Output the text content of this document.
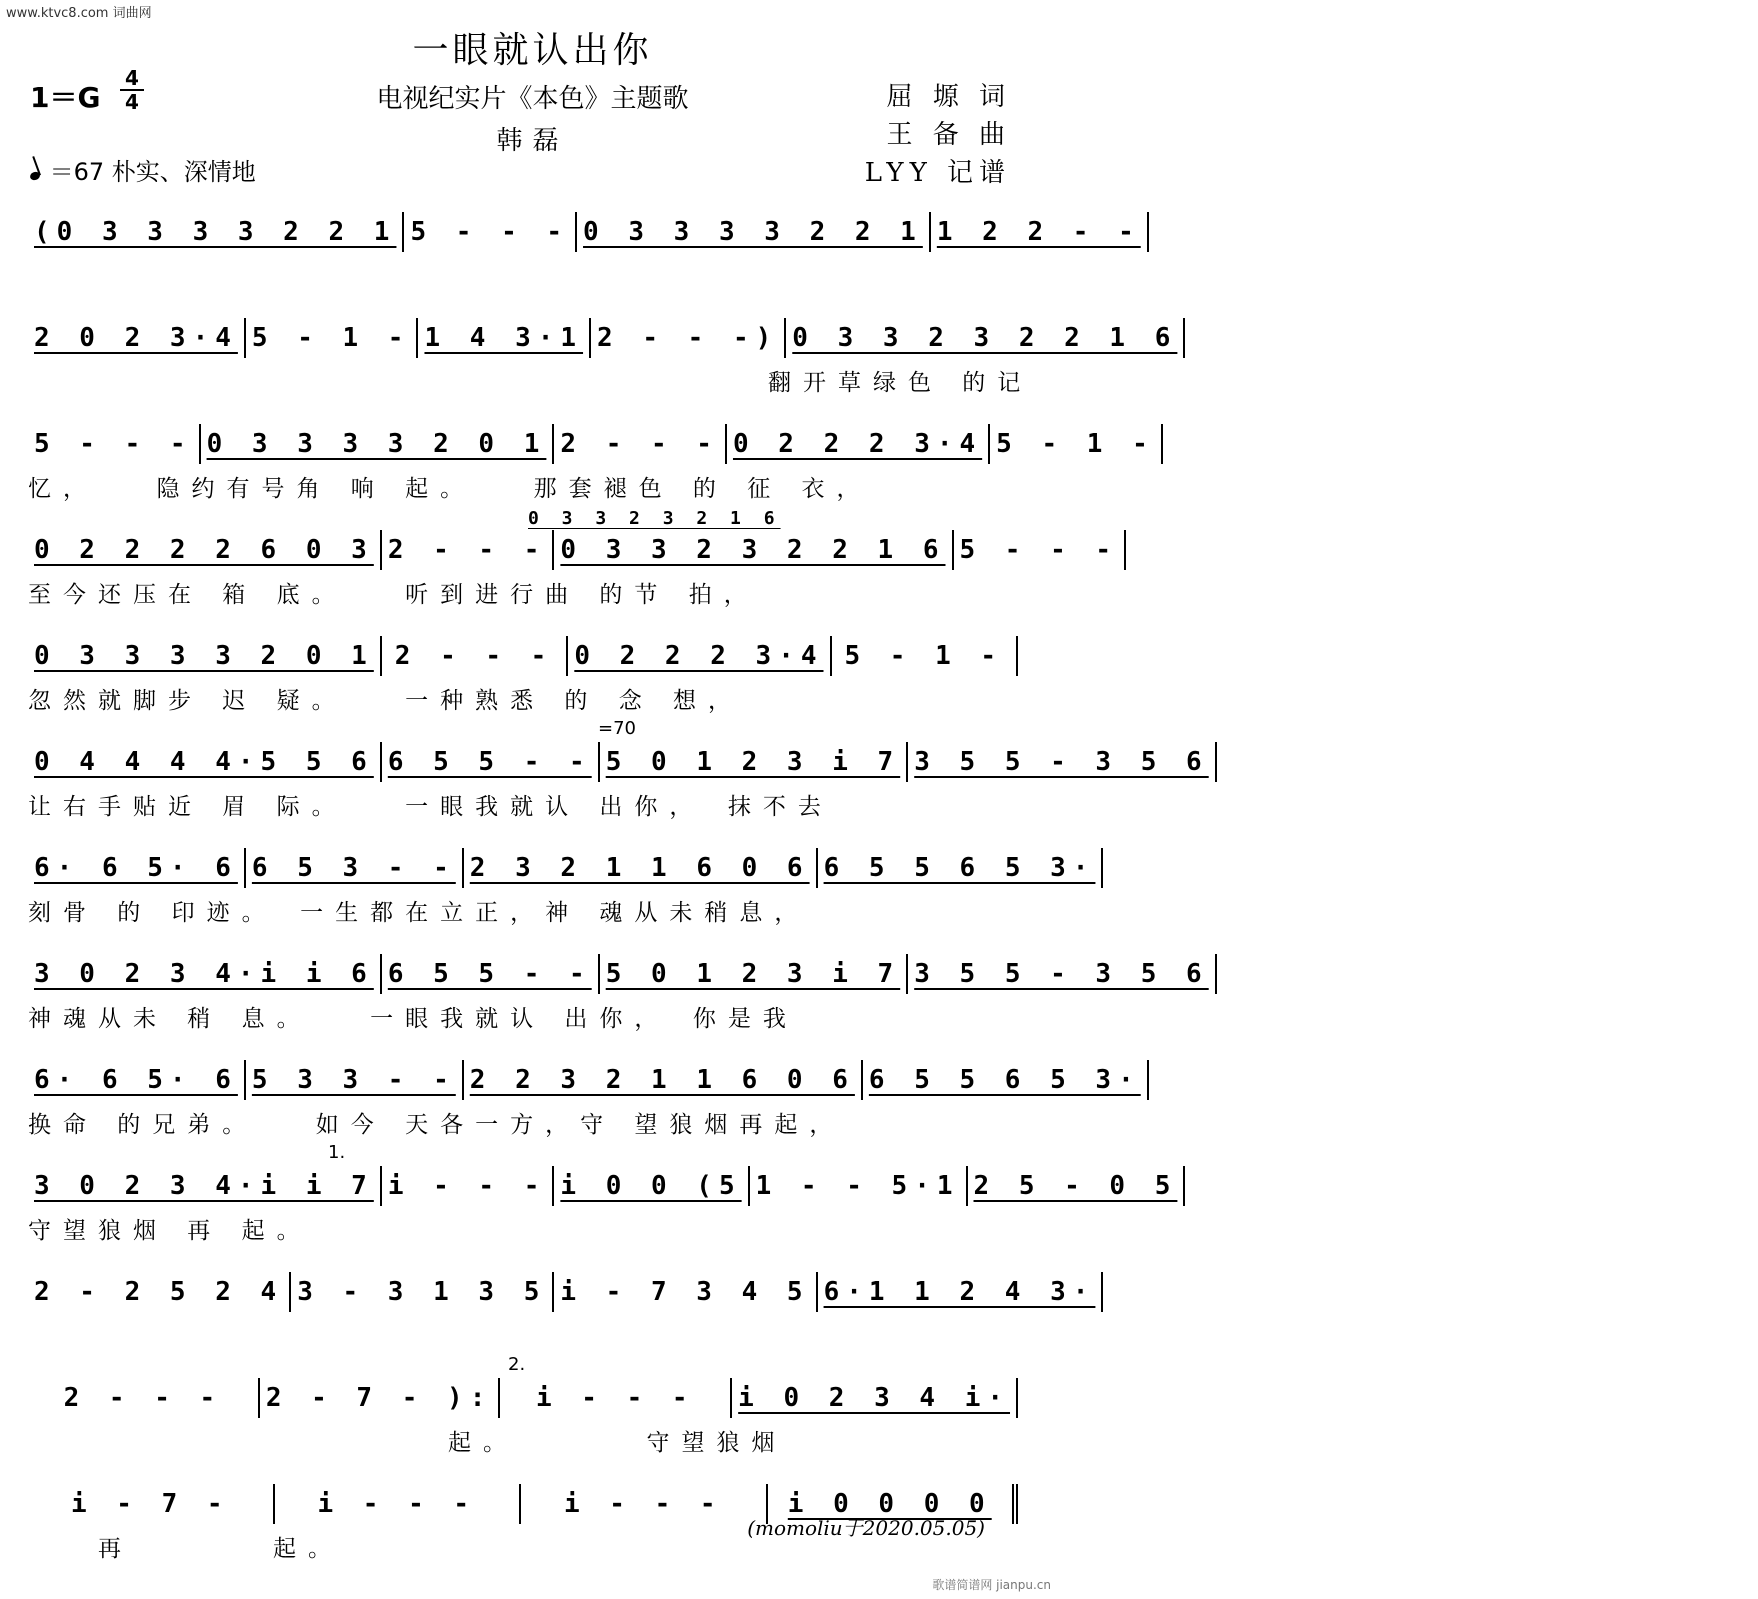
www.ktvc8.com 词曲网
一眼就认出你
1＝G
4
4	电视纪实片《本色》主题歌
韩磊
屈 塬 词
王 备 曲
LYY 记谱
＝67 朴实、深情地
(0 3 3 3 3 2 2 1 5 - - - 0 3 3 3 3 2 2 1 1 2 2 - -
2 0 2 3·4 5 - 1 - 1 4 3·1 2 - - -) 0 3 3 2 3 2 2 1 6
翻开草绿色 的记
5 - - - 0 3 3 3 3 2 0 1 2 - - - 0 2 2 2 3·4 5 - 1 -
忆，　　隐约有号角 响 起。　　那套褪色 的 征 衣，
0 3 3 2 3 2 1 6
0 2 2 2 2 6 0 3 2 - - - 0 3 3 2 3 2 2 1 6 5 - - -
至今还压在 箱 底。　　听到进行曲 的节 拍，
0 3 3 3 3 2 0 1 2 - - - 0 2 2 2 3·4 5 - 1 -
忽然就脚步 迟 疑。　　一种熟悉 的 念 想，
=70
0 4 4 4 4·5 5 6 6 5 5 - - 5 0 1 2 3 i 7 3 5 5 - 3 5 6
让右手贴近 眉 际。　　一眼我就认 出你，　抹不去
6· 6 5· 6 6 5 3 - - 2 3 2 1 1 6 0 6 6 5 5 6 5 3·
刻骨 的 印迹。　一生都在立正，神 魂从未稍息，
3 0 2 3 4·i i 6 6 5 5 - - 5 0 1 2 3 i 7 3 5 5 - 3 5 6
神魂从未 稍 息。　　一眼我就认 出你，　你是我
6· 6 5· 6 5 3 3 - - 2 2 3 2 1 1 6 0 6 6 5 5 6 5 3·
换命 的兄弟。　　如今 天各一方，守 望狼烟再起，
1.
3 0 2 3 4·i i 7 i - - - i 0 0 (5 1 - - 5·1 2 5 - 0 5
守望狼烟 再 起。
2 - 2 5 2 4 3 - 3 1 3 5 i - 7 3 4 5 6·1 1 2 4 3·
2.
2 - - - 2 - 7 - ): i - - - i 0 2 3 4 i·
　　　　　　　　　　　　起。　　　　守望狼烟
i - 7 -	i - - -	i - - -	i 0 0 0 0
　　再　　　　起。
(momoliu于2020.05.05)
歌谱简谱网 jianpu.cn
